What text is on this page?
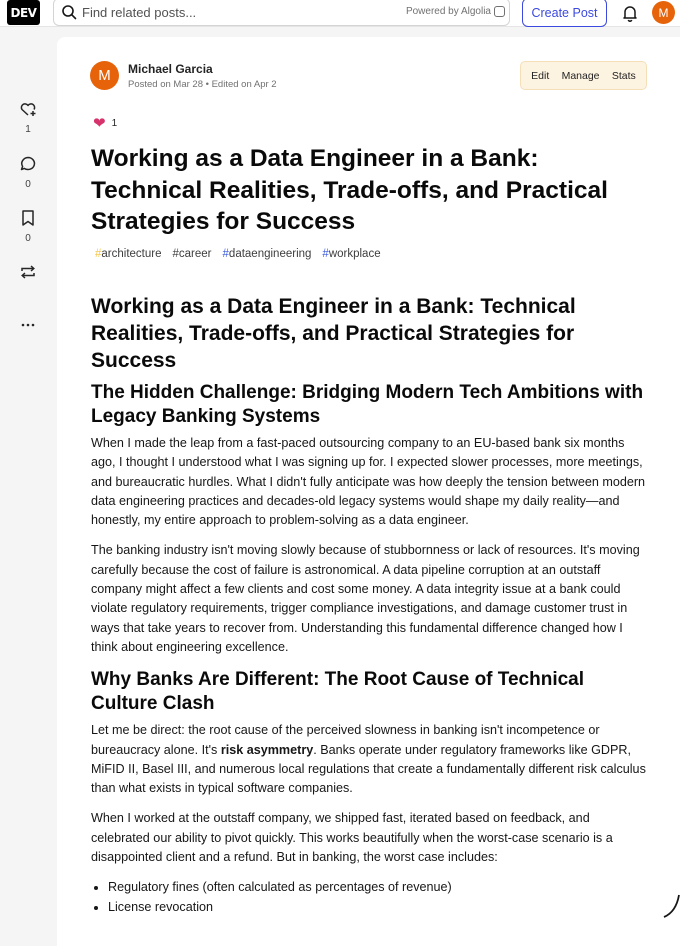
DEV
Find related posts...	Powered by Algolia	Create Post	M
1
0
0
M	Michael Garcia
Posted on Mar 28 • Edited on Apr 2
Edit Manage Stats
❤ 1
Working as a Data Engineer in a Bank: Technical Realities, Trade-offs, and Practical Strategies for Success
#architecture #career #dataengineering #workplace
Working as a Data Engineer in a Bank: Technical Realities, Trade-offs, and Practical Strategies for Success
The Hidden Challenge: Bridging Modern Tech Ambitions with Legacy Banking Systems

When I made the leap from a fast-paced outsourcing company to an EU-based bank six months ago, I thought I understood what I was signing up for. I expected slower processes, more meetings, and bureaucratic hurdles. What I didn't fully anticipate was how deeply the tension between modern data engineering practices and decades-old legacy systems would shape my daily reality—and honestly, my entire approach to problem-solving as a data engineer.

The banking industry isn't moving slowly because of stubbornness or lack of resources. It's moving carefully because the cost of failure is astronomical. A data pipeline corruption at an outstaff company might affect a few clients and cost some money. A data integrity issue at a bank could violate regulatory requirements, trigger compliance investigations, and damage customer trust in ways that take years to recover from. Understanding this fundamental difference changed how I think about engineering excellence.

Why Banks Are Different: The Root Cause of Technical Culture Clash

Let me be direct: the root cause of the perceived slowness in banking isn't incompetence or bureaucracy alone. It's risk asymmetry. Banks operate under regulatory frameworks like GDPR, MiFID II, Basel III, and numerous local regulations that create a fundamentally different risk calculus than what exists in typical software companies.

When I worked at the outstaff company, we shipped fast, iterated based on feedback, and celebrated our ability to pivot quickly. This works beautifully when the worst-case scenario is a disappointed client and a refund. But in banking, the worst case includes:

• Regulatory fines (often calculated as percentages of revenue)
• License revocation
